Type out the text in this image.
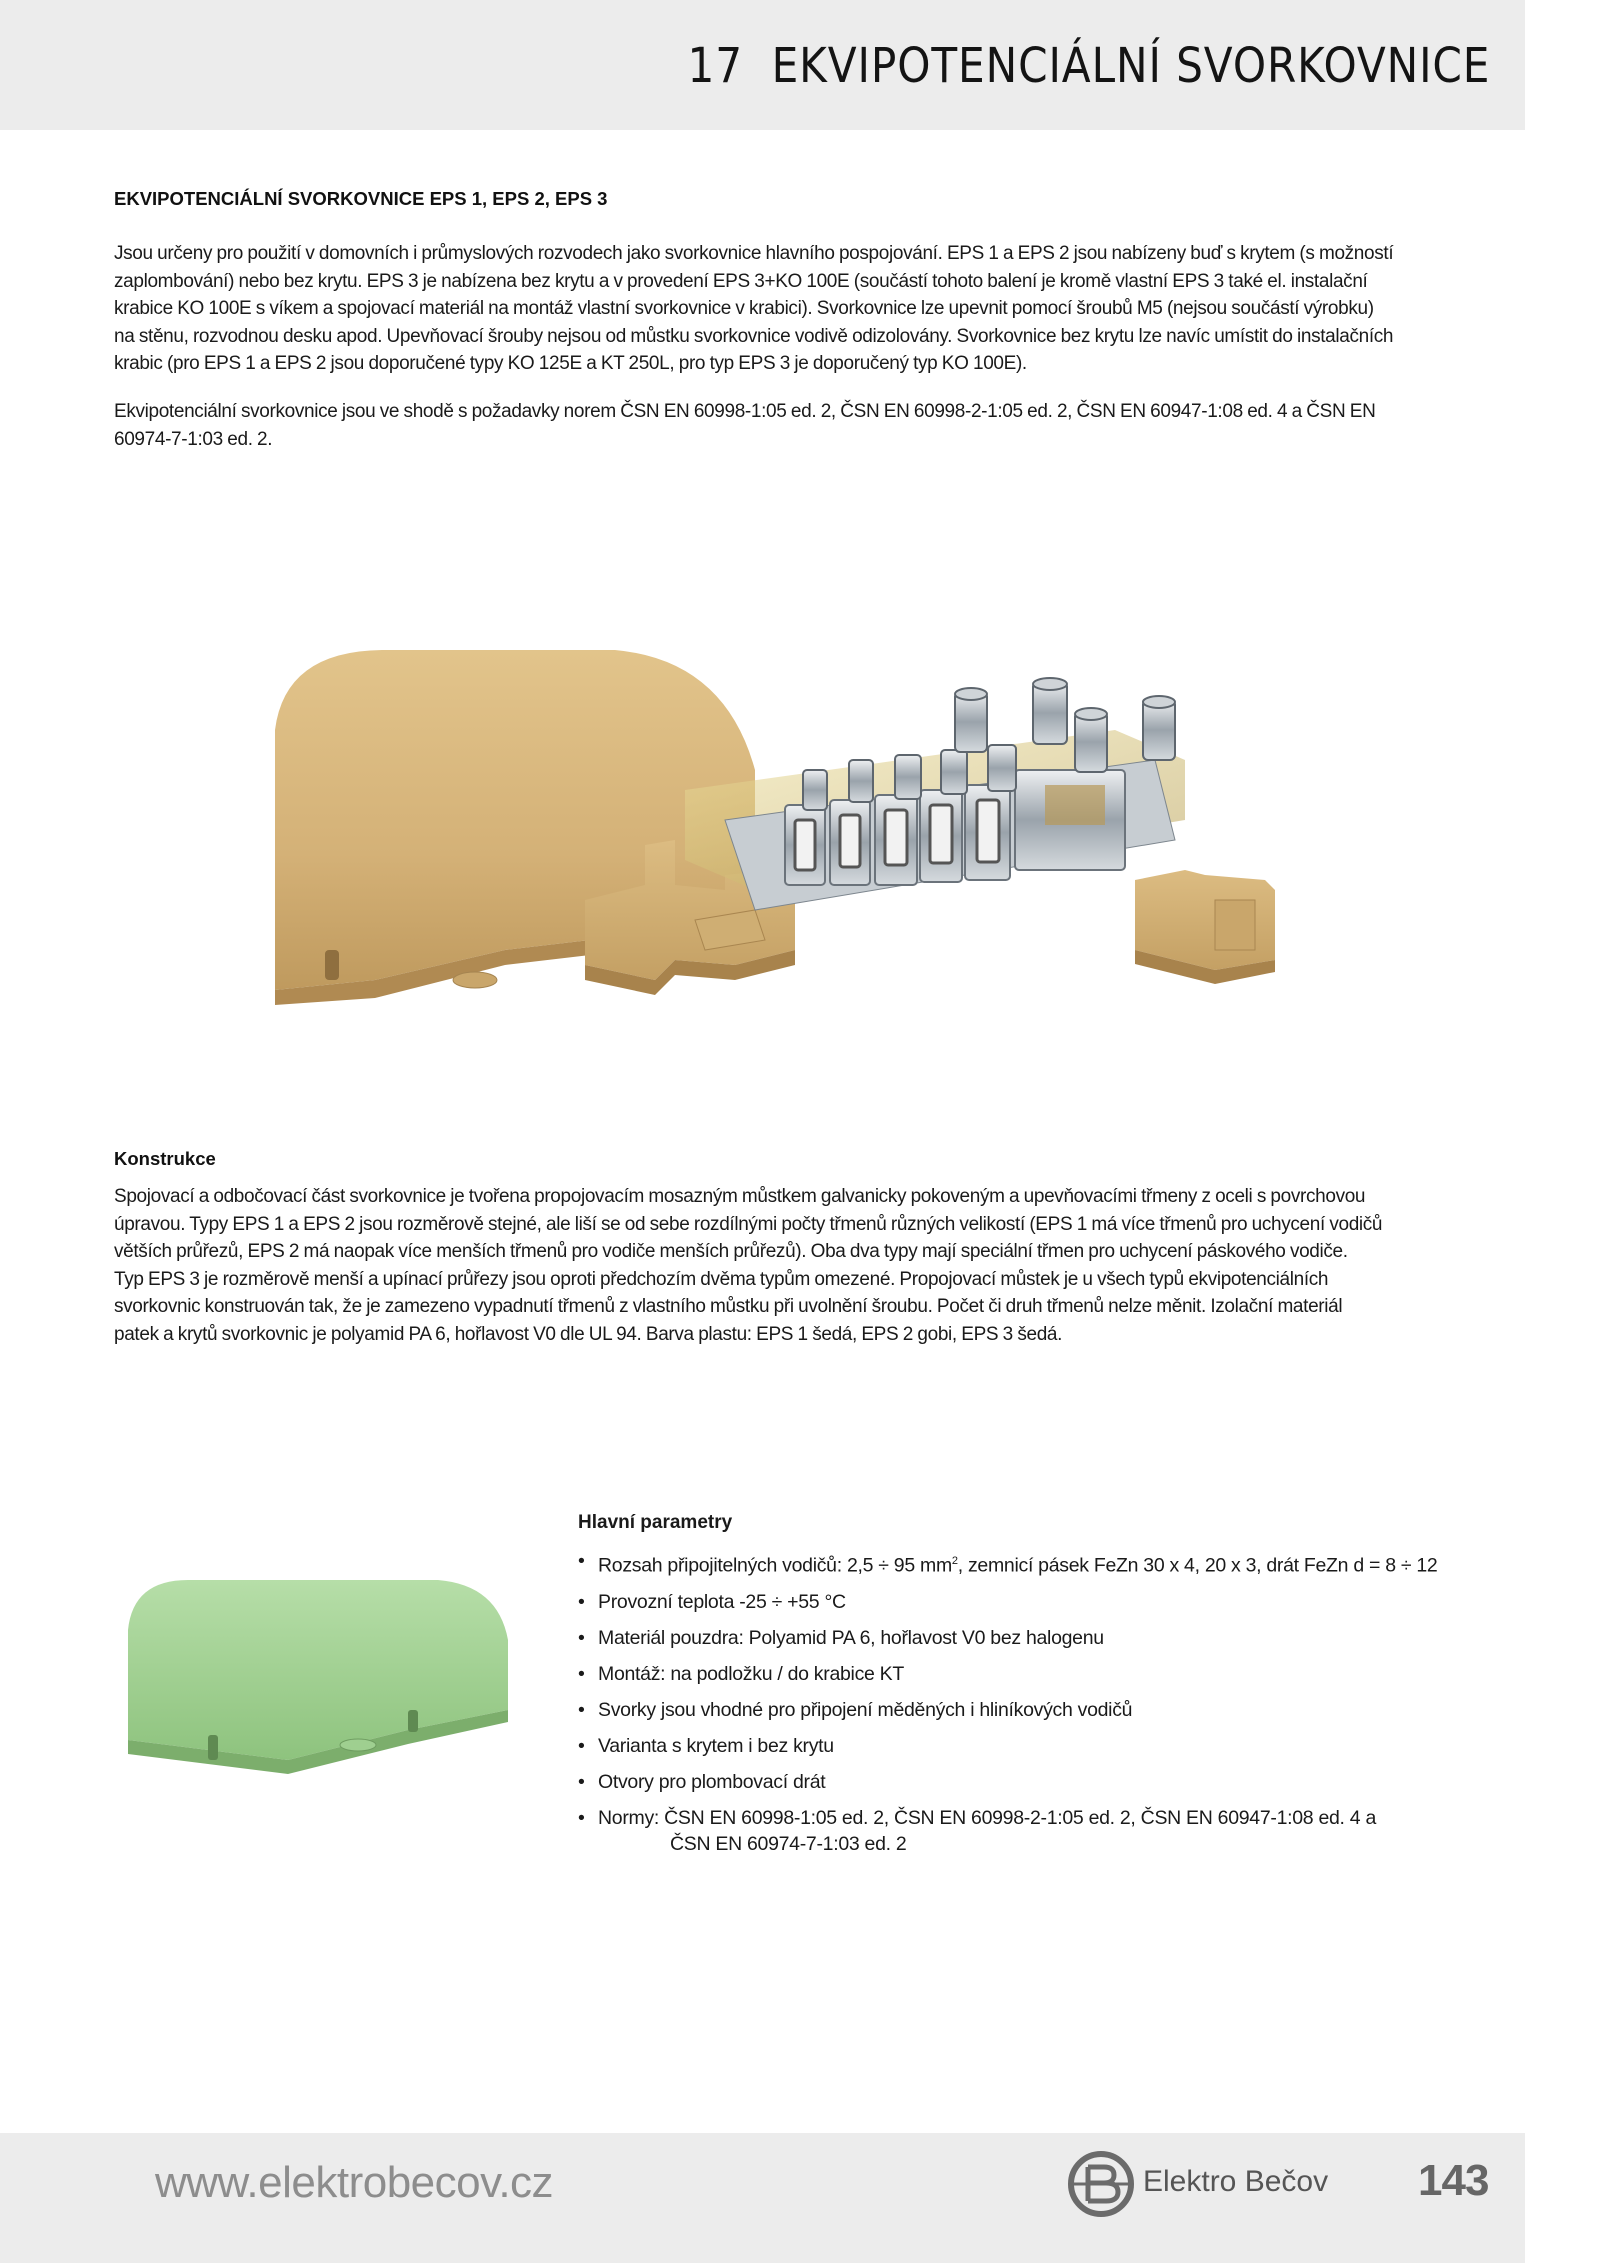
17 EKVIPOTENCIÁLNÍ SVORKOVNICE
EKVIPOTENCIÁLNÍ SVORKOVNICE EPS 1, EPS 2, EPS 3
Jsou určeny pro použití v domovních i průmyslových rozvodech jako svorkovnice hlavního pospojování. EPS 1 a EPS 2 jsou nabízeny buď s krytem (s možností
zaplombování) nebo bez krytu. EPS 3 je nabízena bez krytu a v provedení EPS 3+KO 100E (součástí tohoto balení je kromě vlastní EPS 3 také el. instalační
krabice KO 100E s víkem a spojovací materiál na montáž vlastní svorkovnice v krabici). Svorkovnice lze upevnit pomocí šroubů M5 (nejsou součástí výrobku)
na stěnu, rozvodnou desku apod. Upevňovací šrouby nejsou od můstku svorkovnice vodivě odizolovány. Svorkovnice bez krytu lze navíc umístit do instalačních
krabic (pro EPS 1 a EPS 2 jsou doporučené typy KO 125E a KT 250L, pro typ EPS 3 je doporučený typ KO 100E).
Ekvipotenciální svorkovnice jsou ve shodě s požadavky norem ČSN EN 60998-1:05 ed. 2, ČSN EN 60998-2-1:05 ed. 2, ČSN EN 60947-1:08 ed. 4 a ČSN EN
60974-7-1:03 ed. 2.
Konstrukce
Spojovací a odbočovací část svorkovnice je tvořena propojovacím mosazným můstkem galvanicky pokoveným a upevňovacími třmeny z oceli s povrchovou
úpravou. Typy EPS 1 a EPS 2 jsou rozměrově stejné, ale liší se od sebe rozdílnými počty třmenů různých velikostí (EPS 1 má více třmenů pro uchycení vodičů
větších průřezů, EPS 2 má naopak více menších třmenů pro vodiče menších průřezů). Oba dva typy mají speciální třmen pro uchycení páskového vodiče.
Typ EPS 3 je rozměrově menší a upínací průřezy jsou oproti předchozím dvěma typům omezené. Propojovací můstek je u všech typů ekvipotenciálních
svorkovnic konstruován tak, že je zamezeno vypadnutí třmenů z vlastního můstku při uvolnění šroubu. Počet či druh třmenů nelze měnit. Izolační materiál
patek a krytů svorkovnic je polyamid PA 6, hořlavost V0 dle UL 94. Barva plastu: EPS 1 šedá, EPS 2 gobi, EPS 3 šedá.
Hlavní parametry
• Rozsah připojitelných vodičů: 2,5 ÷ 95 $mm^2$, zemnicí pásek FeZn 30 x 4, 20 x 3, drát FeZn d = 8 ÷ 12
• Provozní teplota -25 ÷ +55 °C
• Materiál pouzdra: Polyamid PA 6, hořlavost V0 bez halogenu
• Montáž: na podložku / do krabice KT
• Svorky jsou vhodné pro připojení měděných i hliníkových vodičů
• Varianta s krytem i bez krytu
• Otvory pro plombovací drát
• Normy: ČSN EN 60998-1:05 ed. 2, ČSN EN 60998-2-1:05 ed. 2, ČSN EN 60947-1:08 ed. 4 a
ČSN EN 60974-7-1:03 ed. 2
www.elektrobecov.cz	Elektro Bečov 143
